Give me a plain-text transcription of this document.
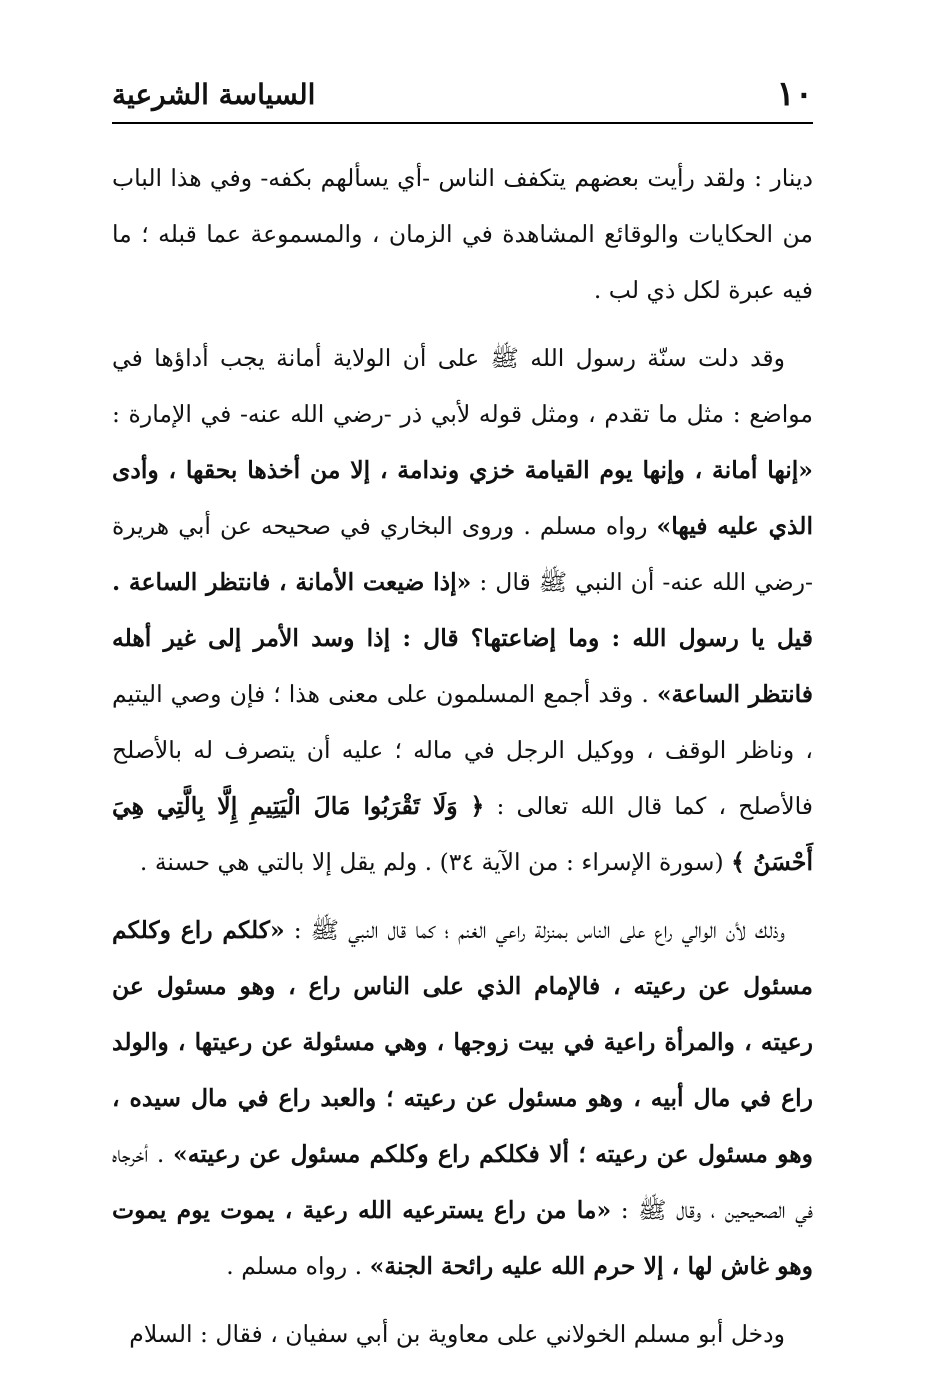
١٠
السياسة الشرعية

دينار : ولقد رأيت بعضهم يتكفف الناس -أي يسألهم بكفه- وفي هذا الباب من الحكايات والوقائع المشاهدة في الزمان ، والمسموعة عما قبله ؛ ما فيه عبرة لكل ذي لب .

وقد دلت سنّة رسول الله ﷺ على أن الولاية أمانة يجب أداؤها في مواضع : مثل ما تقدم ، ومثل قوله لأبي ذر -رضي الله عنه- في الإمارة : «إنها أمانة ، وإنها يوم القيامة خزي وندامة ، إلا من أخذها بحقها ، وأدى الذي عليه فيها» رواه مسلم . وروى البخاري في صحيحه عن أبي هريرة -رضي الله عنه- أن النبي ﷺ قال : «إذا ضيعت الأمانة ، فانتظر الساعة . قيل يا رسول الله : وما إضاعتها؟ قال : إذا وسد الأمر إلى غير أهله فانتظر الساعة» . وقد أجمع المسلمون على معنى هذا ؛ فإن وصي اليتيم ، وناظر الوقف ، ووكيل الرجل في ماله ؛ عليه أن يتصرف له بالأصلح فالأصلح ، كما قال الله تعالى : ﴿ وَلَا تَقْرَبُوا مَالَ الْيَتِيمِ إِلَّا بِالَّتِي هِيَ أَحْسَنُ ﴾ (سورة الإسراء : من الآية ٣٤) . ولم يقل إلا بالتي هي حسنة .

وذلك لأن الوالي راع على الناس بمنزلة راعي الغنم ؛ كما قال النبي ﷺ : «كلكم راع وكلكم مسئول عن رعيته ، فالإمام الذي على الناس راع ، وهو مسئول عن رعيته ، والمرأة راعية في بيت زوجها ، وهي مسئولة عن رعيتها ، والولد راع في مال أبيه ، وهو مسئول عن رعيته ؛ والعبد راع في مال سيده ، وهو مسئول عن رعيته ؛ ألا فكلكم راع وكلكم مسئول عن رعيته» . أخرجاه في الصحيحين ، وقال ﷺ : «ما من راع يسترعيه الله رعية ، يموت يوم يموت وهو غاش لها ، إلا حرم الله عليه رائحة الجنة» . رواه مسلم .

ودخل أبو مسلم الخولاني على معاوية بن أبي سفيان ، فقال : السلام
